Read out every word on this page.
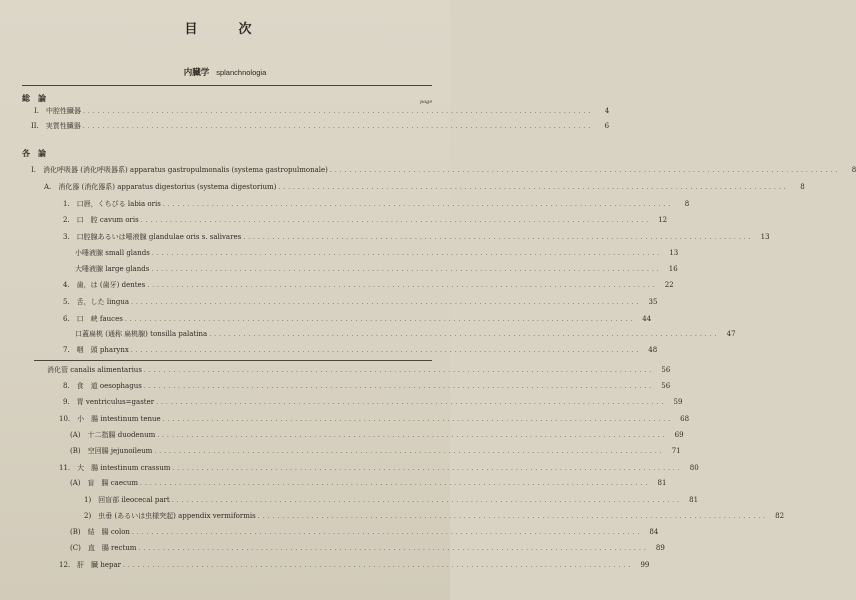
目　次
内臓学 splanchnologia
総　論	page
I.　中腔性臓器 ........................................................................................................	4
II.　実質性臓器 ........................................................................................................	6
各　論
I.　消化呼吸器 (消化呼吸器系) apparatus gastropulmonalis (systema gastropulmonale) ........................................................................................................	8
A.　消化器 (消化器系) apparatus digestorius (systema digestorium) ........................................................................................................	8
1.　口唇，くちびる labia oris ........................................................................................................	8
2.　口　腔 cavum oris ........................................................................................................	12
3.　口腔腺あるいは唾液腺 glandulae oris s. salivares ........................................................................................................	13
小唾液腺 small glands ........................................................................................................	13
大唾液腺 large glands ........................................................................................................	16
4.　歯，は (歯牙) dentes ........................................................................................................	22
5.　舌，した lingua ........................................................................................................	35
6.　口　峡 fauces ........................................................................................................	44
口蓋扁桃 (通称 扁桃腺) tonsilla palatina ........................................................................................................	47
7.　咽　頭 pharynx ........................................................................................................	48
消化管 canalis alimentarius ........................................................................................................	56
8.　食　道 oesophagus ........................................................................................................	56
9.　胃 ventriculus=gaster ........................................................................................................	59
10.　小　腸 intestinum tenue ........................................................................................................	68
(A)　十二指腸 duodenum ........................................................................................................	69
(B)　空回腸 jejunoileum ........................................................................................................	71
11.　大　腸 intestinum crassum ........................................................................................................	80
(A)　盲　腸 caecum ........................................................................................................	81
1)　回盲部 ileocecal part ........................................................................................................	81
2)　虫垂 (あるいは虫様突起) appendix vermiformis ........................................................................................................	82
(B)　結　腸 colon ........................................................................................................	84
(C)　直　腸 rectum ........................................................................................................	89
12.　肝　臓 hepar ........................................................................................................	99
